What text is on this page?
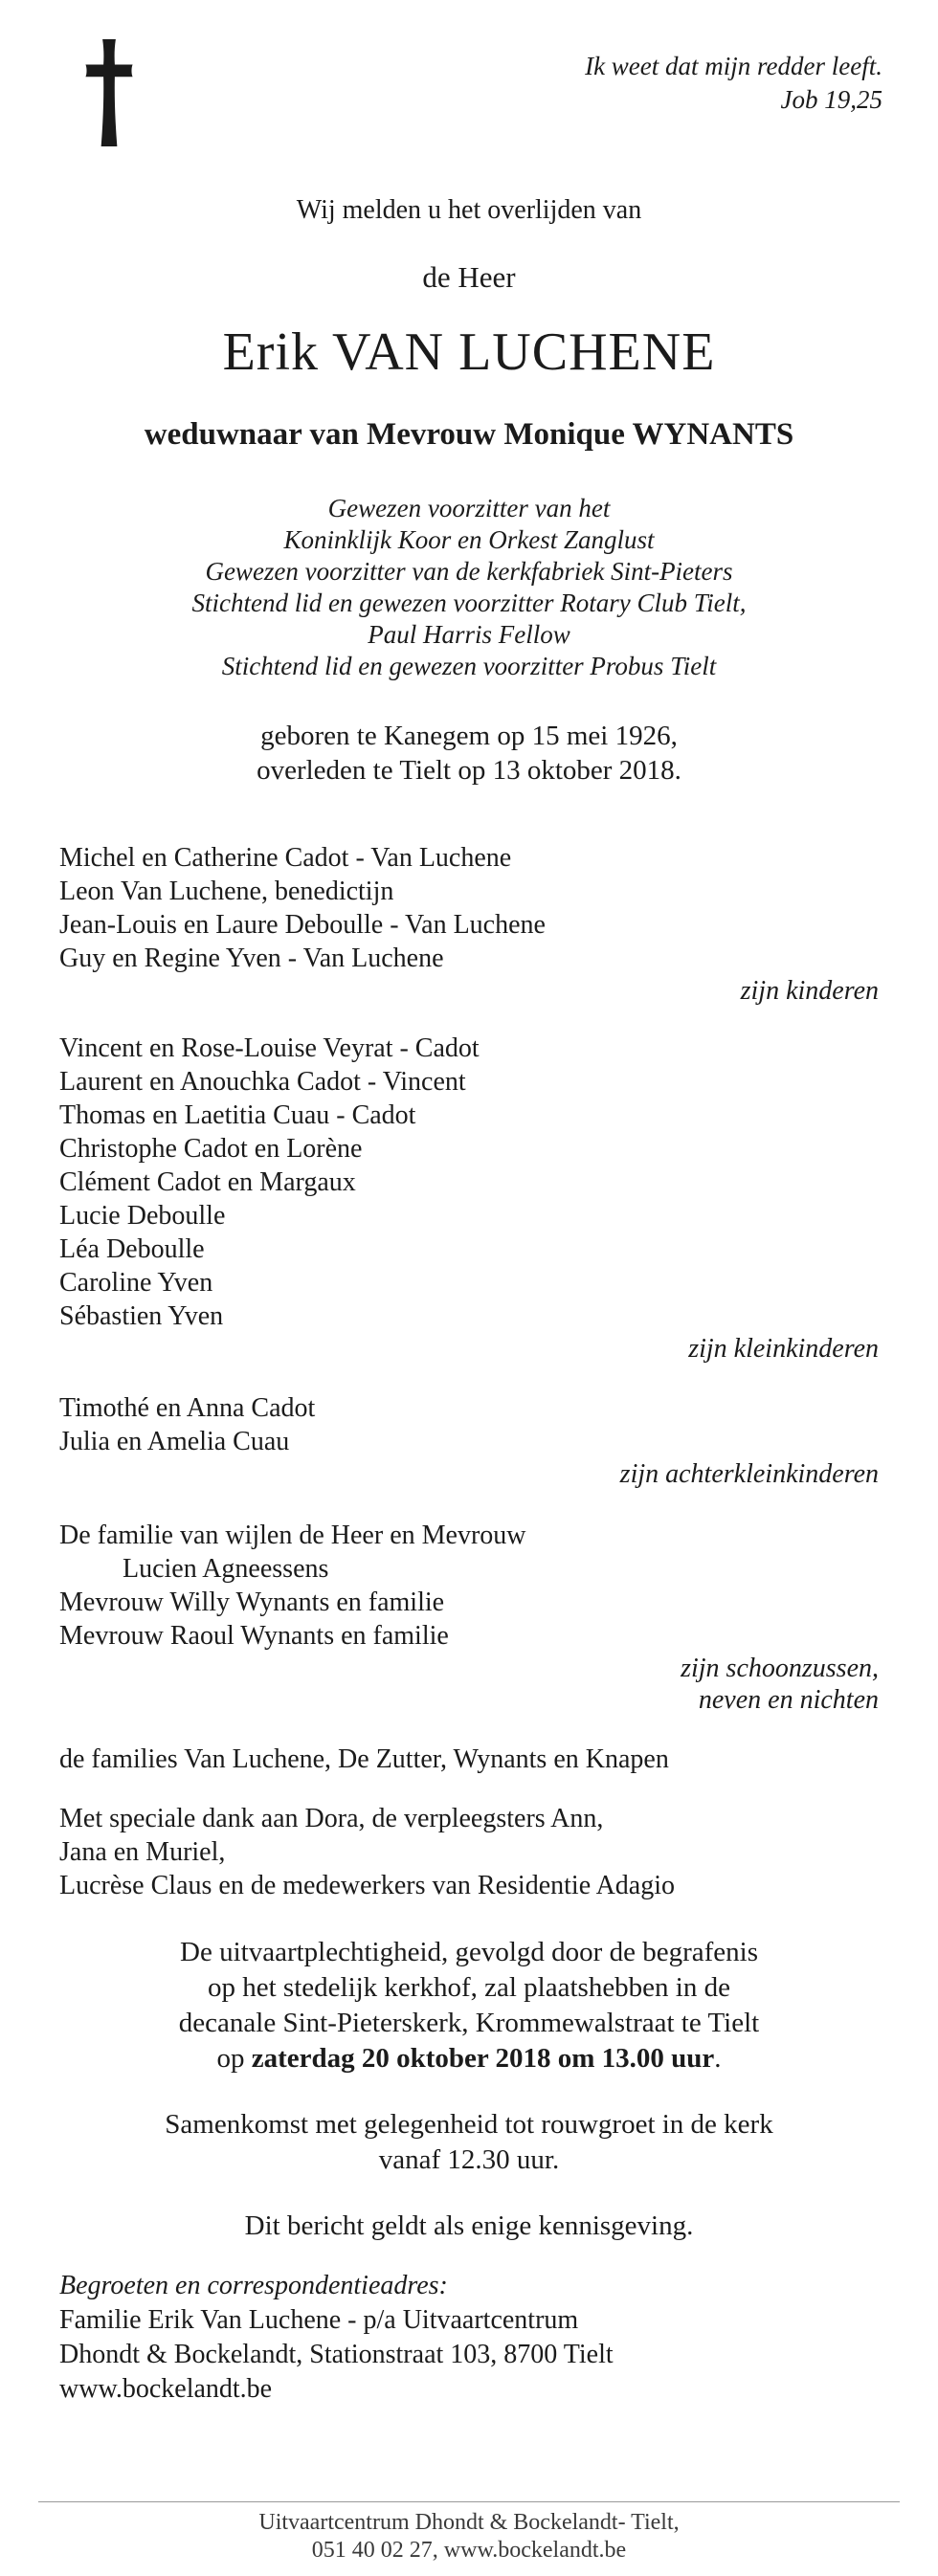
Ik weet dat mijn redder leeft.
Job 19,25
Wij melden u het overlijden van
de Heer
Erik VAN LUCHENE
weduwnaar van Mevrouw Monique WYNANTS
Gewezen voorzitter van het
Koninklijk Koor en Orkest Zanglust
Gewezen voorzitter van de kerkfabriek Sint-Pieters
Stichtend lid en gewezen voorzitter Rotary Club Tielt,
Paul Harris Fellow
Stichtend lid en gewezen voorzitter Probus Tielt
geboren te Kanegem op 15 mei 1926,
overleden te Tielt op 13 oktober 2018.
Michel en Catherine Cadot - Van Luchene
Leon Van Luchene, benedictijn
Jean-Louis en Laure Deboulle - Van Luchene
Guy en Regine Yven - Van Luchene
zijn kinderen
Vincent en Rose-Louise Veyrat - Cadot
Laurent en Anouchka Cadot - Vincent
Thomas en Laetitia Cuau - Cadot
Christophe Cadot en Lorène
Clément Cadot en Margaux
Lucie Deboulle
Léa Deboulle
Caroline Yven
Sébastien Yven
zijn kleinkinderen
Timothé en Anna Cadot
Julia en Amelia Cuau
zijn achterkleinkinderen
De familie van wijlen de Heer en Mevrouw
Lucien Agneessens
Mevrouw Willy Wynants en familie
Mevrouw Raoul Wynants en familie
zijn schoonzussen,
neven en nichten
de families Van Luchene, De Zutter, Wynants en Knapen
Met speciale dank aan Dora, de verpleegsters Ann,
Jana en Muriel,
Lucrèse Claus en de medewerkers van Residentie Adagio
De uitvaartplechtigheid, gevolgd door de begrafenis
op het stedelijk kerkhof, zal plaatshebben in de
decanale Sint-Pieterskerk, Krommewalstraat te Tielt
op zaterdag 20 oktober 2018 om 13.00 uur.
Samenkomst met gelegenheid tot rouwgroet in de kerk
vanaf 12.30 uur.
Dit bericht geldt als enige kennisgeving.
Begroeten en correspondentieadres:
Familie Erik Van Luchene - p/a Uitvaartcentrum
Dhondt & Bockelandt, Stationstraat 103, 8700 Tielt
www.bockelandt.be
Uitvaartcentrum Dhondt & Bockelandt- Tielt,
051 40 02 27, www.bockelandt.be
